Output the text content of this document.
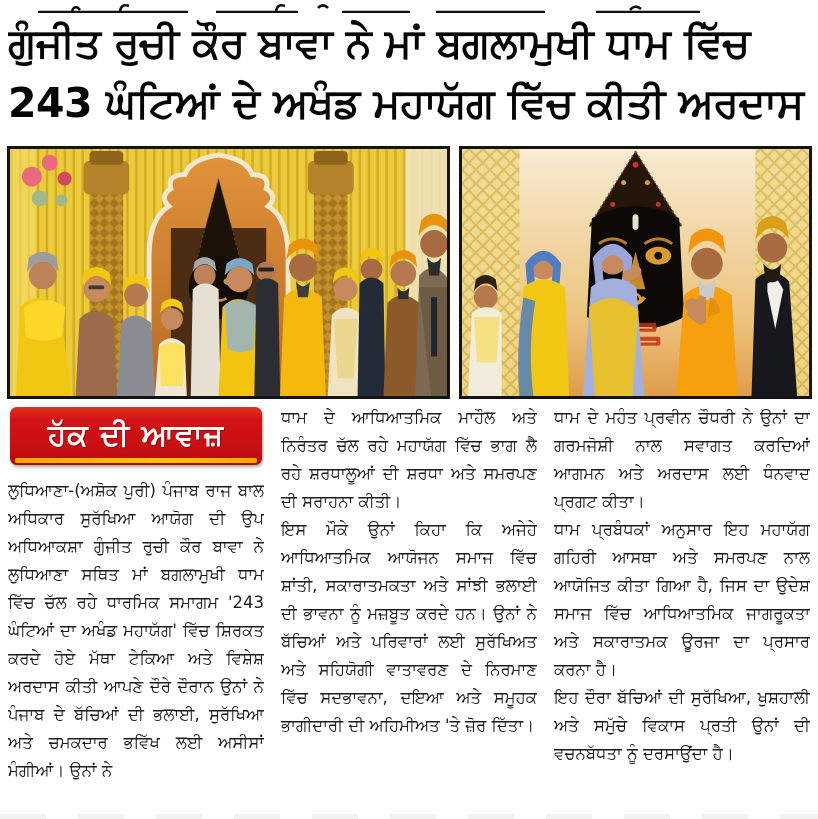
ਗੁੰਜੀਤ ਰੁਚੀ ਕੌਰ ਬਾਵਾ ਨੇ ਮਾਂ ਬਗਲਾਮੁਖੀ ਧਾਮ ਵਿੱਚ
243 ਘੰਟਿਆਂ ਦੇ ਅਖੰਡ ਮਹਾਯੱਗ ਵਿੱਚ ਕੀਤੀ ਅਰਦਾਸ
ਹੱਕ ਦੀ ਆਵਾਜ਼

ਲੁਧਿਆਣਾ-(ਅਸ਼ੋਕ ਪੁਰੀ) ਪੰਜਾਬ ਰਾਜ ਬਾਲ ਅਧਿਕਾਰ ਸੁਰੱਖਿਆ ਆਯੋਗ ਦੀ ਉਪ ਅਧਿਆਕਸ਼ਾ ਗੁੰਜੀਤ ਰੁਚੀ ਕੌਰ ਬਾਵਾ ਨੇ ਲੁਧਿਆਣਾ ਸਥਿਤ ਮਾਂ ਬਗਲਾਮੁਖੀ ਧਾਮ ਵਿੱਚ ਚੱਲ ਰਹੇ ਧਾਰਮਿਕ ਸਮਾਗਮ '243 ਘੰਟਿਆਂ ਦਾ ਅਖੰਡ ਮਹਾਯੱਗ' ਵਿੱਚ ਸ਼ਿਰਕਤ ਕਰਦੇ ਹੋਏ ਮੱਥਾ ਟੇਕਿਆ ਅਤੇ ਵਿਸ਼ੇਸ਼ ਅਰਦਾਸ ਕੀਤੀ ਆਪਣੇ ਦੌਰੇ ਦੌਰਾਨ ਉਨਾਂ ਨੇ ਪੰਜਾਬ ਦੇ ਬੱਚਿਆਂ ਦੀ ਭਲਾਈ, ਸੁਰੱਖਿਆ ਅਤੇ ਚਮਕਦਾਰ ਭਵਿੱਖ ਲਈ ਅਸੀਸਾਂ ਮੰਗੀਆਂ। ਉਨਾਂ ਨੇ

ਧਾਮ ਦੇ ਆਧਿਆਤਮਿਕ ਮਾਹੌਲ ਅਤੇ ਨਿਰੰਤਰ ਚੱਲ ਰਹੇ ਮਹਾਯੱਗ ਵਿੱਚ ਭਾਗ ਲੈ ਰਹੇ ਸ਼ਰਧਾਲੂਆਂ ਦੀ ਸ਼ਰਧਾ ਅਤੇ ਸਮਰਪਣ ਦੀ ਸਰਾਹਨਾ ਕੀਤੀ।

ਇਸ ਮੌਕੇ ਉਨਾਂ ਕਿਹਾ ਕਿ ਅਜੇਹੇ ਆਧਿਆਤਮਿਕ ਆਯੋਜਨ ਸਮਾਜ ਵਿੱਚ ਸ਼ਾਂਤੀ, ਸਕਾਰਾਤਮਕਤਾ ਅਤੇ ਸਾਂਝੀ ਭਲਾਈ ਦੀ ਭਾਵਨਾ ਨੂੰ ਮਜ਼ਬੂਤ ਕਰਦੇ ਹਨ। ਉਨਾਂ ਨੇ ਬੱਚਿਆਂ ਅਤੇ ਪਰਿਵਾਰਾਂ ਲਈ ਸੁਰੱਖਿਅਤ ਅਤੇ ਸਹਿਯੋਗੀ ਵਾਤਾਵਰਣ ਦੇ ਨਿਰਮਾਣ ਵਿੱਚ ਸਦਭਾਵਨਾ, ਦਇਆ ਅਤੇ ਸਮੂਹਕ ਭਾਗੀਦਾਰੀ ਦੀ ਅਹਿਮੀਅਤ 'ਤੇ ਜ਼ੋਰ ਦਿੱਤਾ।

ਧਾਮ ਦੇ ਮਹੰਤ ਪ੍ਰਵੀਨ ਚੌਧਰੀ ਨੇ ਉਨਾਂ ਦਾ ਗਰਮਜੋਸ਼ੀ ਨਾਲ ਸਵਾਗਤ ਕਰਦਿਆਂ ਆਗਮਨ ਅਤੇ ਅਰਦਾਸ ਲਈ ਧੰਨਵਾਦ ਪ੍ਰਗਟ ਕੀਤਾ।

ਧਾਮ ਪ੍ਰਬੰਧਕਾਂ ਅਨੁਸਾਰ ਇਹ ਮਹਾਯੱਗ ਗਹਿਰੀ ਆਸਥਾ ਅਤੇ ਸਮਰਪਣ ਨਾਲ ਆਯੋਜਿਤ ਕੀਤਾ ਗਿਆ ਹੈ, ਜਿਸ ਦਾ ਉਦੇਸ਼ ਸਮਾਜ ਵਿੱਚ ਆਧਿਆਤਮਿਕ ਜਾਗਰੂਕਤਾ ਅਤੇ ਸਕਾਰਾਤਮਕ ਊਰਜਾ ਦਾ ਪ੍ਰਸਾਰ ਕਰਨਾ ਹੈ।

ਇਹ ਦੌਰਾ ਬੱਚਿਆਂ ਦੀ ਸੁਰੱਖਿਆ, ਖੁਸ਼ਹਾਲੀ ਅਤੇ ਸਮੁੱਚੇ ਵਿਕਾਸ ਪ੍ਰਤੀ ਉਨਾਂ ਦੀ ਵਚਨਬੱਧਤਾ ਨੂੰ ਦਰਸਾਉਂਦਾ ਹੈ।
